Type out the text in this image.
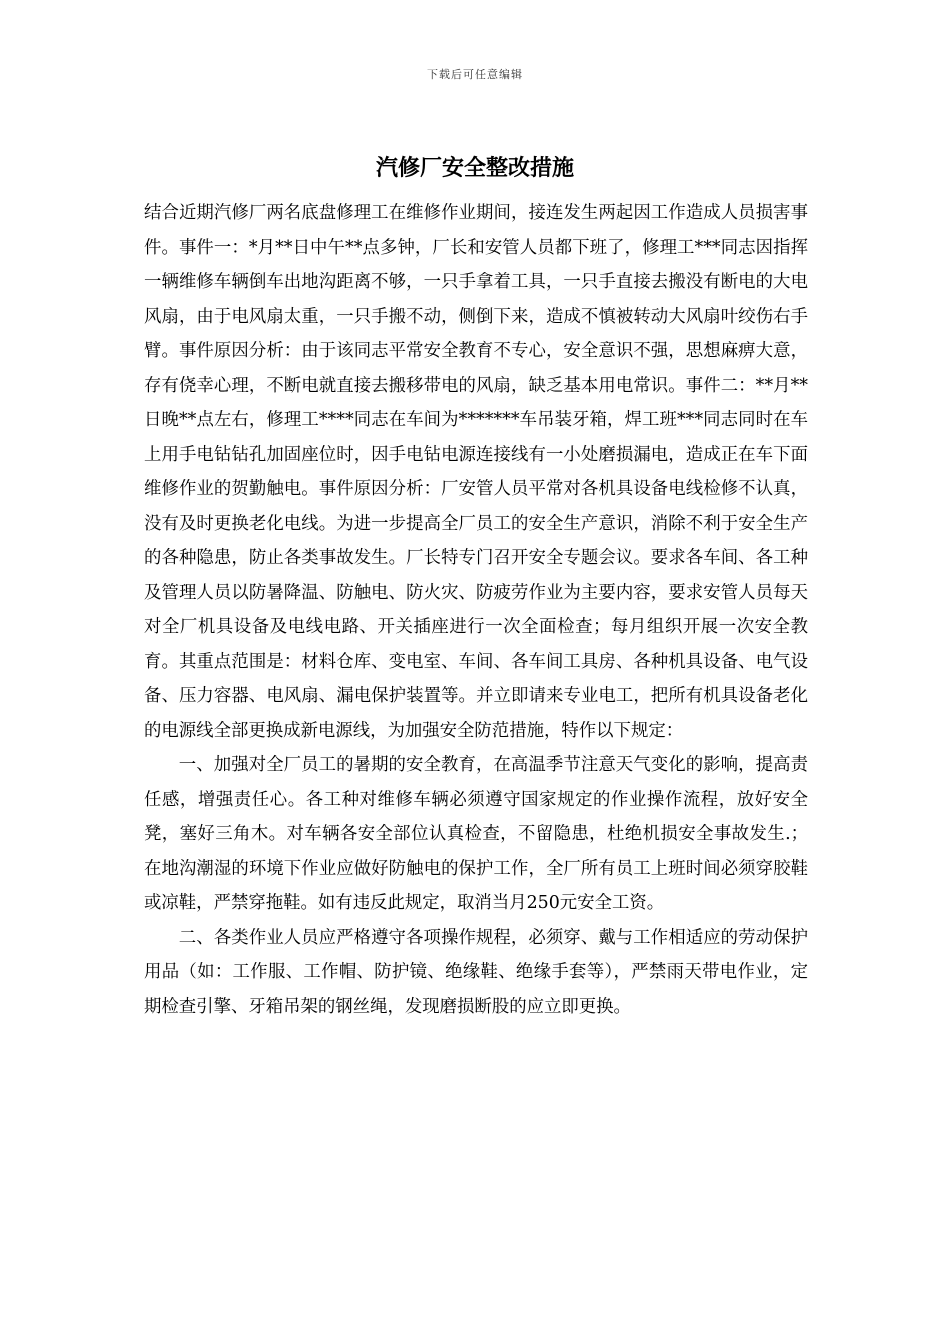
下载后可任意编辑
汽修厂安全整改措施

结合近期汽修厂两名底盘修理工在维修作业期间，接连发生两起因工作造成人员损害事件。事件一：*月**日中午**点多钟，厂长和安管人员都下班了，修理工***同志因指挥一辆维修车辆倒车出地沟距离不够，一只手拿着工具，一只手直接去搬没有断电的大电风扇，由于电风扇太重，一只手搬不动，侧倒下来，造成不慎被转动大风扇叶绞伤右手臂。事件原因分析：由于该同志平常安全教育不专心，安全意识不强，思想麻痹大意，存有侥幸心理，不断电就直接去搬移带电的风扇，缺乏基本用电常识。事件二：**月**日晚**点左右，修理工****同志在车间为*******车吊装牙箱，焊工班***同志同时在车上用手电钻钻孔加固座位时，因手电钻电源连接线有一小处磨损漏电，造成正在车下面维修作业的贺勤触电。事件原因分析：厂安管人员平常对各机具设备电线检修不认真，没有及时更换老化电线。为进一步提高全厂员工的安全生产意识，消除不利于安全生产的各种隐患，防止各类事故发生。厂长特专门召开安全专题会议。要求各车间、各工种及管理人员以防暑降温、防触电、防火灾、防疲劳作业为主要内容，要求安管人员每天对全厂机具设备及电线电路、开关插座进行一次全面检查；每月组织开展一次安全教育。其重点范围是：材料仓库、变电室、车间、各车间工具房、各种机具设备、电气设备、压力容器、电风扇、漏电保护装置等。并立即请来专业电工，把所有机具设备老化的电源线全部更换成新电源线，为加强安全防范措施，特作以下规定：

一、加强对全厂员工的暑期的安全教育，在高温季节注意天气变化的影响，提高责任感，增强责任心。各工种对维修车辆必须遵守国家规定的作业操作流程，放好安全凳，塞好三角木。对车辆各安全部位认真检查，不留隐患，杜绝机损安全事故发生.；在地沟潮湿的环境下作业应做好防触电的保护工作，全厂所有员工上班时间必须穿胶鞋或凉鞋，严禁穿拖鞋。如有违反此规定，取消当月250元安全工资。

二、各类作业人员应严格遵守各项操作规程，必须穿、戴与工作相适应的劳动保护用品（如：工作服、工作帽、防护镜、绝缘鞋、绝缘手套等），严禁雨天带电作业，定期检查引擎、牙箱吊架的钢丝绳，发现磨损断股的应立即更换。
